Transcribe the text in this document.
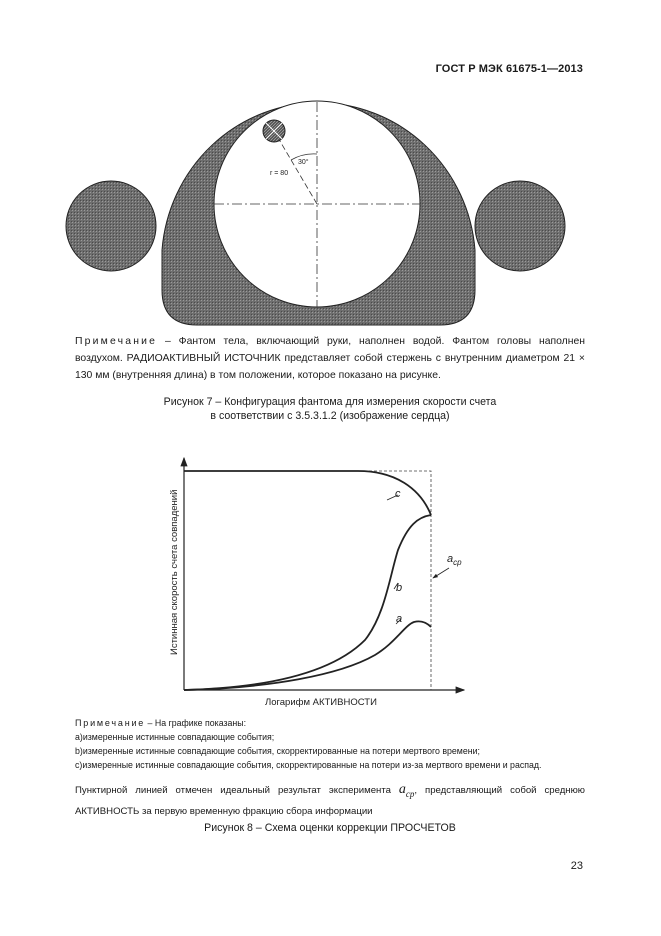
ГОСТ Р МЭК 61675-1—2013
30°
r = 80
Примечание – Фантом тела, включающий руки, наполнен водой. Фантом головы наполнен воздухом. РАДИОАКТИВНЫЙ ИСТОЧНИК представляет собой стержень с внутренним диаметром 21 × 130 мм (внутренняя длина) в том положении, которое показано на рисунке.
Рисунок 7 – Конфигурация фантома для измерения скорости счета
в соответствии с 3.5.3.1.2 (изображение сердца)
c
b
a
$a_{cp}$
Истинная скорость счета совпадений
Логарифм АКТИВНОСТИ

Примечание – На графике показаны:

a)измеренные истинные совпадающие события;

b)измеренные истинные совпадающие события, скорректированные на потери мертвого времени;

c)измеренные истинные совпадающие события, скорректированные на потери из-за мертвого времени и распад.

Пунктирной линией отмечен идеальный результат эксперимента $a_{cp}$, представляющий собой среднюю АКТИВНОСТЬ за первую временную фракцию сбора информации
Рисунок 8 – Схема оценки коррекции ПРОСЧЕТОВ
23
